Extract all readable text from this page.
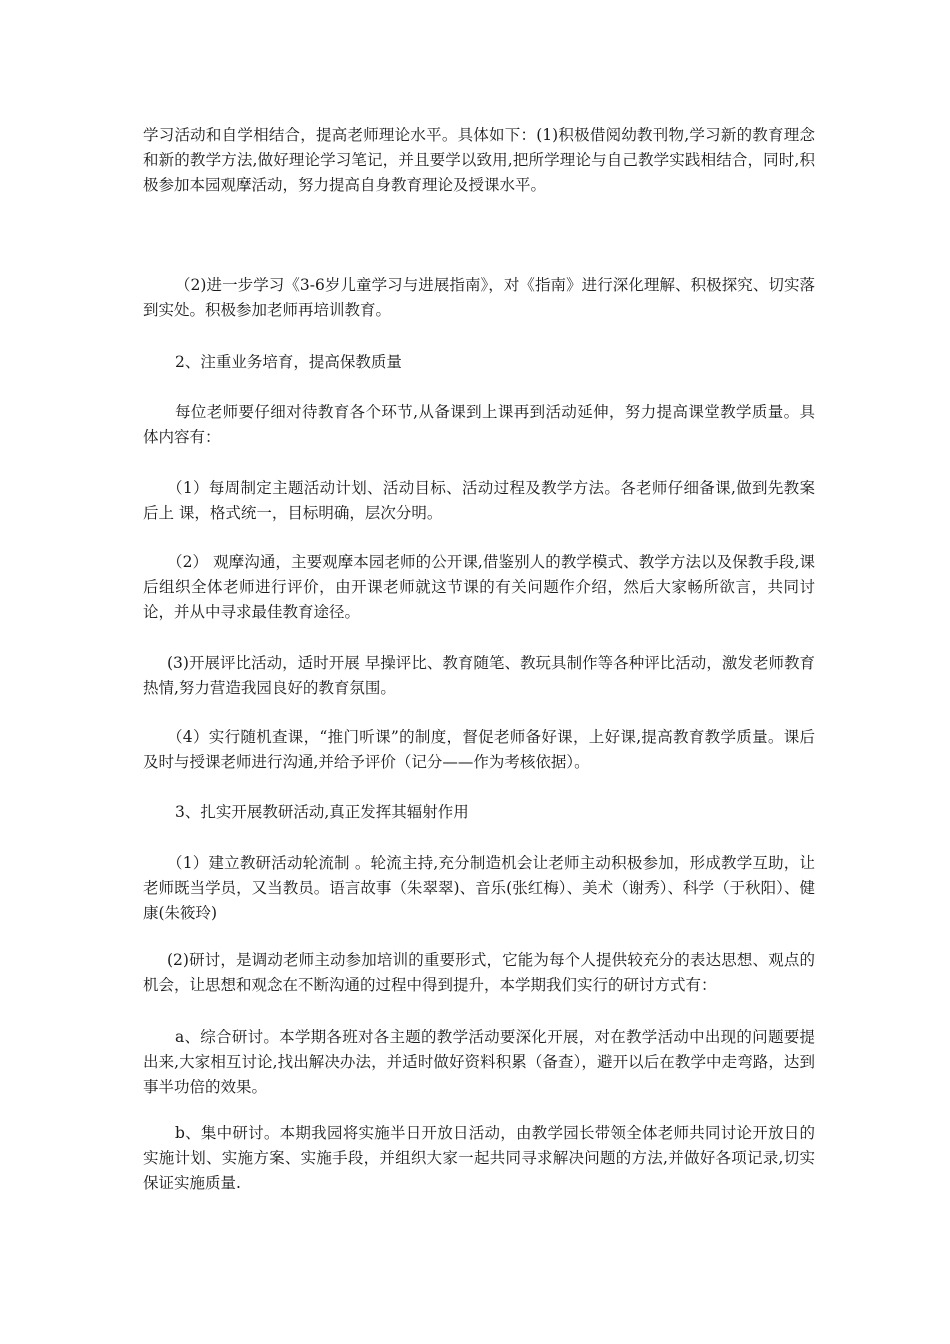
学习活动和自学相结合，提高老师理论水平。具体如下：(1)积极借阅幼教刊物,学习新的教育理念和新的教学方法,做好理论学习笔记，并且要学以致用,把所学理论与自己教学实践相结合，同时,积极参加本园观摩活动，努力提高自身教育理论及授课水平。

（2)进一步学习《3-6岁儿童学习与进展指南》，对《指南》进行深化理解、积极探究、切实落到实处。积极参加老师再培训教育。

2、注重业务培育，提高保教质量

每位老师要仔细对待教育各个环节,从备课到上课再到活动延伸，努力提高课堂教学质量。具体内容有：

（1）每周制定主题活动计划、活动目标、活动过程及教学方法。各老师仔细备课,做到先教案后上 课，格式统一，目标明确，层次分明。

（2） 观摩沟通，主要观摩本园老师的公开课,借鉴别人的教学模式、教学方法以及保教手段,课后组织全体老师进行评价，由开课老师就这节课的有关问题作介绍，然后大家畅所欲言，共同讨论，并从中寻求最佳教育途径。

(3)开展评比活动，适时开展 早操评比、教育随笔、教玩具制作等各种评比活动，激发老师教育热情,努力营造我园良好的教育氛围。

（4）实行随机查课，“推门听课”的制度，督促老师备好课，上好课,提高教育教学质量。课后及时与授课老师进行沟通,并给予评价（记分——作为考核依据）。

3、扎实开展教研活动,真正发挥其辐射作用

（1）建立教研活动轮流制 。轮流主持,充分制造机会让老师主动积极参加，形成教学互助，让老师既当学员，又当教员。语言故事（朱翠翠)、音乐(张红梅）、美术（谢秀）、科学（于秋阳）、健康(朱筱玲)

(2)研讨，是调动老师主动参加培训的重要形式，它能为每个人提供较充分的表达思想、观点的机会，让思想和观念在不断沟通的过程中得到提升，本学期我们实行的研讨方式有：

a、综合研讨。本学期各班对各主题的教学活动要深化开展，对在教学活动中出现的问题要提出来,大家相互讨论,找出解决办法，并适时做好资料积累（备查），避开以后在教学中走弯路，达到事半功倍的效果。

b、集中研讨。本期我园将实施半日开放日活动，由教学园长带领全体老师共同讨论开放日的实施计划、实施方案、实施手段，并组织大家一起共同寻求解决问题的方法,并做好各项记录,切实保证实施质量.
